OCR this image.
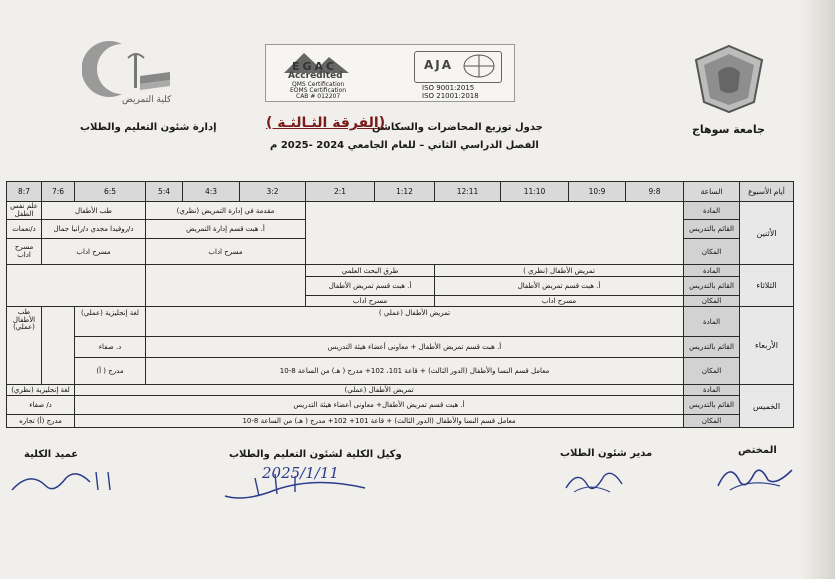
كلية التمريض
EGAC
Accredited
QMS Certification
EOMS Certification
CAB # 012207
AJA
ISO 9001:2015
ISO 21001:2018
جامعة سوهاج
إدارة شئون التعليم والطلاب	جدول توزيع المحاضرات والسكاشن
(الفرقة الثـالثـة )
الفصل الدراسي الثاني – للعام الجامعي 2024 -2025 م
8:7	7:6	6:5	5:4	4:3	3:2	2:1	1:12	12:11	11:10	10:9	9:8	الساعة	أيام الأسبوع
علم نفس الطفل	طب الأطفال		مقدمة في إدارة التمريض (نظري)									المادة	الأثنين
د/نعمات	د/روفيدا مجدي د/رانيا جمال		أ. هبت قسم إدارة التمريض									القائم بالتدريس	
مسرح اداب	مسرح اداب		مسرح اداب									المكان	
						طرق البحث العلمي		تمريض الأطفال (نظري )				المادة	الثلاثاء
						أ. هبت قسم تمريض الأطفال		أ. هبت قسم تمريض الأطفال				القائم بالتدريس	
						مسرح اداب		مسرح اداب				المكان	
طب الأطفال (عملي)		لغة إنجليزية (عملي)	تمريض الأطفال (عملي )									المادة	الأربعاء
		د. صفاء	أ. هبت قسم تمريض الأطفال + معاونى أعضاء هيئة التدريس									القائم بالتدريس	
		مدرج ( أ)	معامل قسم النسا والأطفال (الدور الثالث) + قاعة 101، 102+ مدرج ( هـ) من الساعة 8-10									المكان	
لغة إنجليزية (نظري)		تمريض الأطفال (عملي)										المادة	الخميس
د/ صفاء		أ. هبت قسم تمريض الأطفال+ معاونى أعضاء هيئة التدريس										القائم بالتدريس	
مدرج (أ) تجاره		معامل قسم النسا والأطفال (الدور الثالث) + قاعة 101+ 102+ مدرج ( هـ) من الساعة 8-10										المكان	
المختص
مدير شئون الطلاب
وكيل الكلية لشئون التعليم والطلاب
عميد الكلية
2025/1/11
